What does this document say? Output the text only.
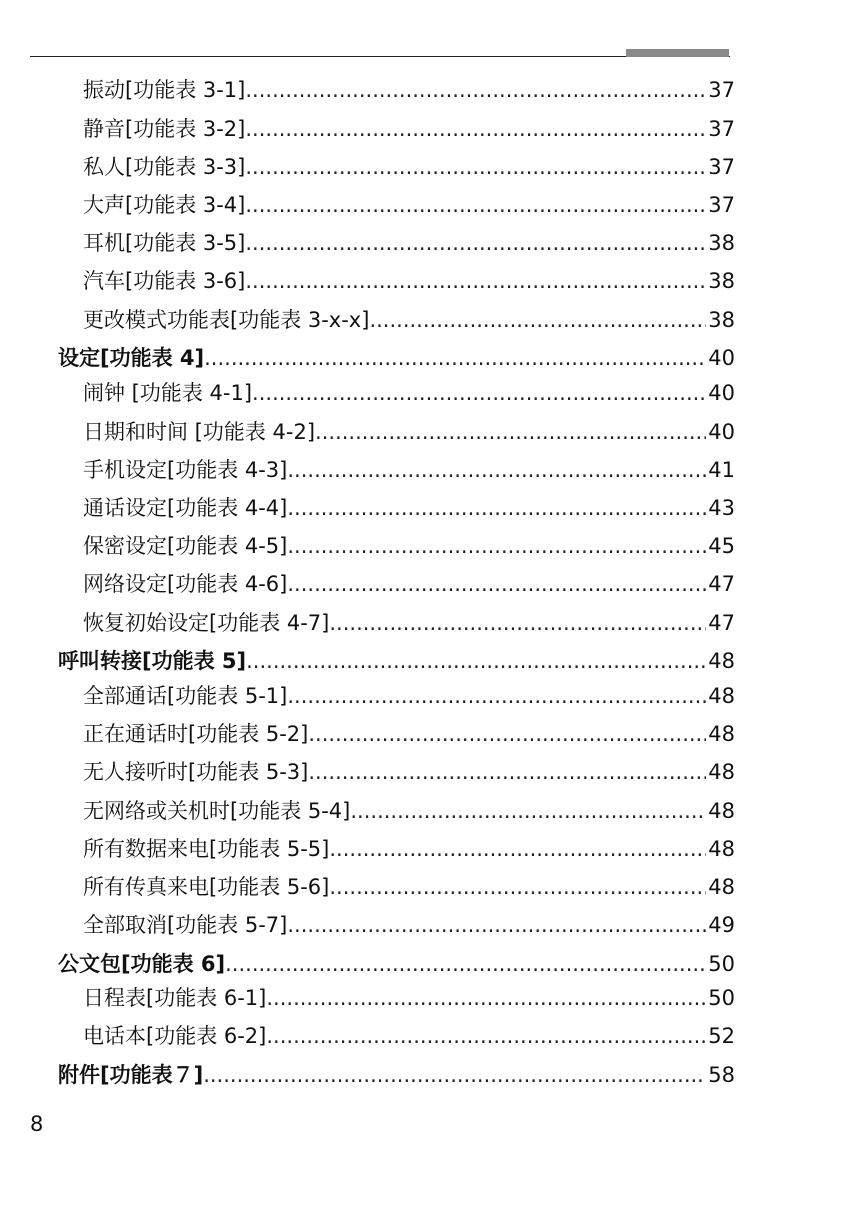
振动[功能表 3-1] .....	37
静音[功能表 3-2] .....	37
私人[功能表 3-3] .....	37
大声[功能表 3-4] .....	37
耳机[功能表 3-5] .....	38
汽车[功能表 3-6] .....	38
更改模式功能表[功能表 3-x-x] .....	38
设定[功能表 4] .....	40
闹钟 [功能表 4-1] .....	40
日期和时间 [功能表 4-2] .....	40
手机设定[功能表 4-3] .....	41
通话设定[功能表 4-4] .....	43
保密设定[功能表 4-5] .....	45
网络设定[功能表 4-6] .....	47
恢复初始设定[功能表 4-7] .....	47
呼叫转接[功能表 5] .....	48
全部通话[功能表 5-1] .....	48
正在通话时[功能表 5-2] .....	48
无人接听时[功能表 5-3] .....	48
无网络或关机时[功能表 5-4] .....	48
所有数据来电[功能表 5-5] .....	48
所有传真来电[功能表 5-6] .....	48
全部取消[功能表 5-7] .....	49
公文包[功能表 6] .....	50
日程表[功能表 6-1] .....	50
电话本[功能表 6-2] .....	52
附件[功能表７] .....	58
8
